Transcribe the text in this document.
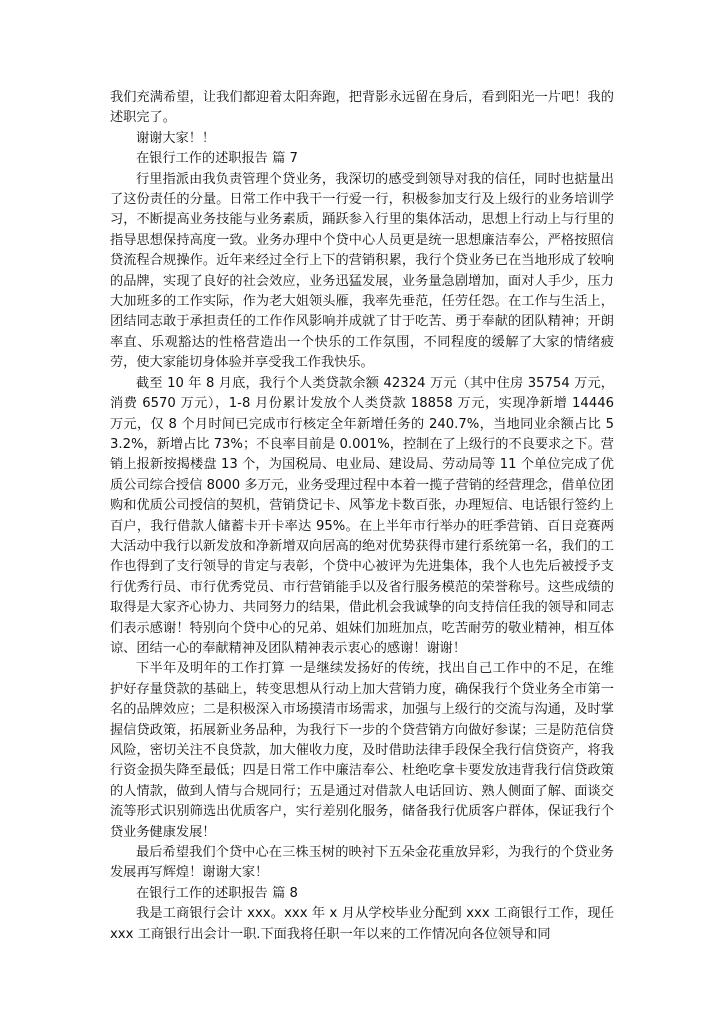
我们充满希望，让我们都迎着太阳奔跑，把背影永远留在身后，看到阳光一片吧！我的述职完了。

谢谢大家！！

在银行工作的述职报告 篇 7

行里指派由我负责管理个贷业务，我深切的感受到领导对我的信任，同时也掂量出了这份责任的分量。日常工作中我干一行爱一行，积极参加支行及上级行的业务培训学习，不断提高业务技能与业务素质，踊跃参入行里的集体活动，思想上行动上与行里的指导思想保持高度一致。业务办理中个贷中心人员更是统一思想廉洁奉公，严格按照信贷流程合规操作。近年来经过全行上下的营销积累，我行个贷业务已在当地形成了较响的品牌，实现了良好的社会效应，业务迅猛发展，业务量急剧增加，面对人手少，压力大加班多的工作实际，作为老大姐领头雁，我率先垂范，任劳任怨。在工作与生活上，团结同志敢于承担责任的工作作风影响并成就了甘于吃苦、勇于奉献的团队精神；开朗率直、乐观豁达的性格营造出一个快乐的工作氛围，不同程度的缓解了大家的情绪疲劳，使大家能切身体验并享受我工作我快乐。

截至 10 年 8 月底，我行个人类贷款余额 42324 万元（其中住房 35754 万元，消费 6570 万元），1-8 月份累计发放个人类贷款 18858 万元，实现净新增 14446 万元，仅 8 个月时间已完成市行核定全年新增任务的 240.7%，当地同业余额占比 53.2%，新增占比 73%；不良率目前是 0.001%，控制在了上级行的不良要求之下。营销上报新按揭楼盘 13 个，为国税局、电业局、建设局、劳动局等 11 个单位完成了优质公司综合授信 8000 多万元，业务受理过程中本着一揽子营销的经营理念，借单位团购和优质公司授信的契机，营销贷记卡、风筝龙卡数百张，办理短信、电话银行签约上百户，我行借款人储蓄卡开卡率达 95%。在上半年市行举办的旺季营销、百日竞赛两大活动中我行以新发放和净新增双向居高的绝对优势获得市建行系统第一名，我们的工作也得到了支行领导的肯定与表彰，个贷中心被评为先进集体，我个人也先后被授予支行优秀行员、市行优秀党员、市行营销能手以及省行服务模范的荣誉称号。这些成绩的取得是大家齐心协力、共同努力的结果，借此机会我诚挚的向支持信任我的领导和同志们表示感谢！特别向个贷中心的兄弟、姐妹们加班加点，吃苦耐劳的敬业精神，相互体谅、团结一心的奉献精神及团队精神表示衷心的感谢！谢谢！

下半年及明年的工作打算 一是继续发扬好的传统，找出自己工作中的不足，在维护好存量贷款的基础上，转变思想从行动上加大营销力度，确保我行个贷业务全市第一名的品牌效应；二是积极深入市场摸清市场需求，加强与上级行的交流与沟通，及时掌握信贷政策，拓展新业务品种，为我行下一步的个贷营销方向做好参谋；三是防范信贷风险，密切关注不良贷款，加大催收力度，及时借助法律手段保全我行信贷资产，将我行资金损失降至最低；四是日常工作中廉洁奉公、杜绝吃拿卡要发放违背我行信贷政策的人情款，做到人情与合规同行；五是通过对借款人电话回访、熟人侧面了解、面谈交流等形式识别筛选出优质客户，实行差别化服务，储备我行优质客户群体，保证我行个贷业务健康发展！

最后希望我们个贷中心在三株玉树的映衬下五朵金花重放异彩，为我行的个贷业务发展再写辉煌！谢谢大家！

在银行工作的述职报告 篇 8

我是工商银行会计 xxx。xxx 年 x 月从学校毕业分配到 xxx 工商银行工作，现任 xxx 工商银行出会计一职.下面我将任职一年以来的工作情况向各位领导和同
